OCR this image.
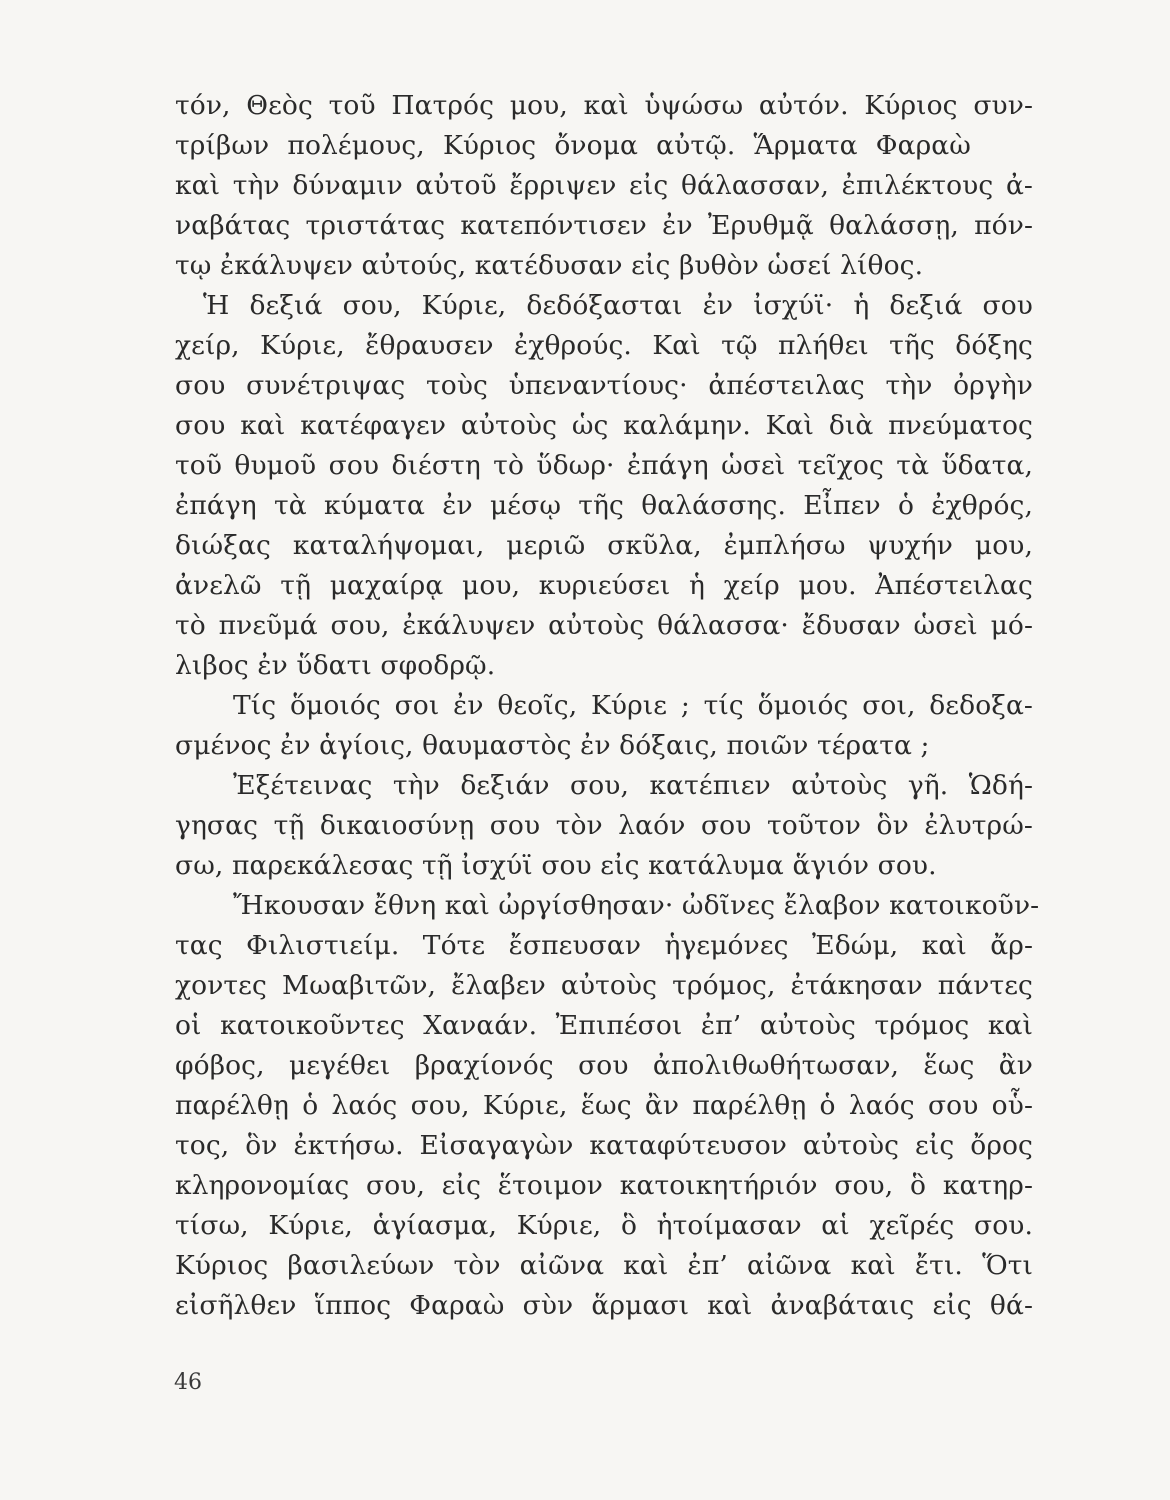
τόν, Θεὸς τοῦ Πατρός μου, καὶ ὑψώσω αὐτόν. Κύριος συν-
τρίβων πολέμους, Κύριος ὄνομα αὐτῷ. Ἅρματα Φαραὼ
καὶ τὴν δύναμιν αὐτοῦ ἔρριψεν εἰς θάλασσαν, ἐπιλέκτους ἀ-
ναβάτας τριστάτας κατεπόντισεν ἐν Ἐρυθμᾷ θαλάσσῃ, πόν-
τῳ ἐκάλυψεν αὐτούς, κατέδυσαν εἰς βυθὸν ὡσεί λίθος.
Ἡ δεξιά σου, Κύριε, δεδόξασται ἐν ἰσχύϊ· ἡ δεξιά σου
χείρ, Κύριε, ἔθραυσεν ἐχθρούς. Καὶ τῷ πλήθει τῆς δόξης
σου συνέτριψας τοὺς ὑπεναντίους· ἀπέστειλας τὴν ὀργὴν
σου καὶ κατέφαγεν αὐτοὺς ὡς καλάμην. Καὶ διὰ πνεύματος
τοῦ θυμοῦ σου διέστη τὸ ὕδωρ· ἐπάγη ὡσεὶ τεῖχος τὰ ὕδατα,
ἐπάγη τὰ κύματα ἐν μέσῳ τῆς θαλάσσης. Εἶπεν ὁ ἐχθρός,
διώξας καταλήψομαι, μεριῶ σκῦλα, ἐμπλήσω ψυχήν μου,
ἀνελῶ τῇ μαχαίρᾳ μου, κυριεύσει ἡ χείρ μου. Ἀπέστειλας
τὸ πνεῦμά σου, ἐκάλυψεν αὐτοὺς θάλασσα· ἔδυσαν ὡσεὶ μό-
λιβος ἐν ὕδατι σφοδρῷ.
Τίς ὅμοιός σοι ἐν θεοῖς, Κύριε ; τίς ὅμοιός σοι, δεδοξα-
σμένος ἐν ἁγίοις, θαυμαστὸς ἐν δόξαις, ποιῶν τέρατα ;
Ἐξέτεινας τὴν δεξιάν σου, κατέπιεν αὐτοὺς γῆ. Ὡδή-
γησας τῇ δικαιοσύνῃ σου τὸν λαόν σου τοῦτον ὃν ἐλυτρώ-
σω, παρεκάλεσας τῇ ἰσχύϊ σου εἰς κατάλυμα ἅγιόν σου.
Ἤκουσαν ἔθνη καὶ ὠργίσθησαν· ὠδῖνες ἔλαβον κατοικοῦν-
τας Φιλιστιείμ. Τότε ἔσπευσαν ἡγεμόνες Ἐδώμ, καὶ ἄρ-
χοντες Μωαβιτῶν, ἔλαβεν αὐτοὺς τρόμος, ἐτάκησαν πάντες
οἱ κατοικοῦντες Χαναάν. Ἐπιπέσοι ἐπ’ αὐτοὺς τρόμος καὶ
φόβος, μεγέθει βραχίονός σου ἀπολιθωθήτωσαν, ἕως ἂν
παρέλθῃ ὁ λαός σου, Κύριε, ἕως ἂν παρέλθῃ ὁ λαός σου οὗ-
τος, ὃν ἐκτήσω. Εἰσαγαγὼν καταφύτευσον αὐτοὺς εἰς ὄρος
κληρονομίας σου, εἰς ἕτοιμον κατοικητήριόν σου, ὃ κατηρ-
τίσω, Κύριε, ἁγίασμα, Κύριε, ὃ ἡτοίμασαν αἱ χεῖρές σου.
Κύριος βασιλεύων τὸν αἰῶνα καὶ ἐπ’ αἰῶνα καὶ ἔτι. Ὅτι
εἰσῆλθεν ἵππος Φαραὼ σὺν ἅρμασι καὶ ἀναβάταις εἰς θά-
46
